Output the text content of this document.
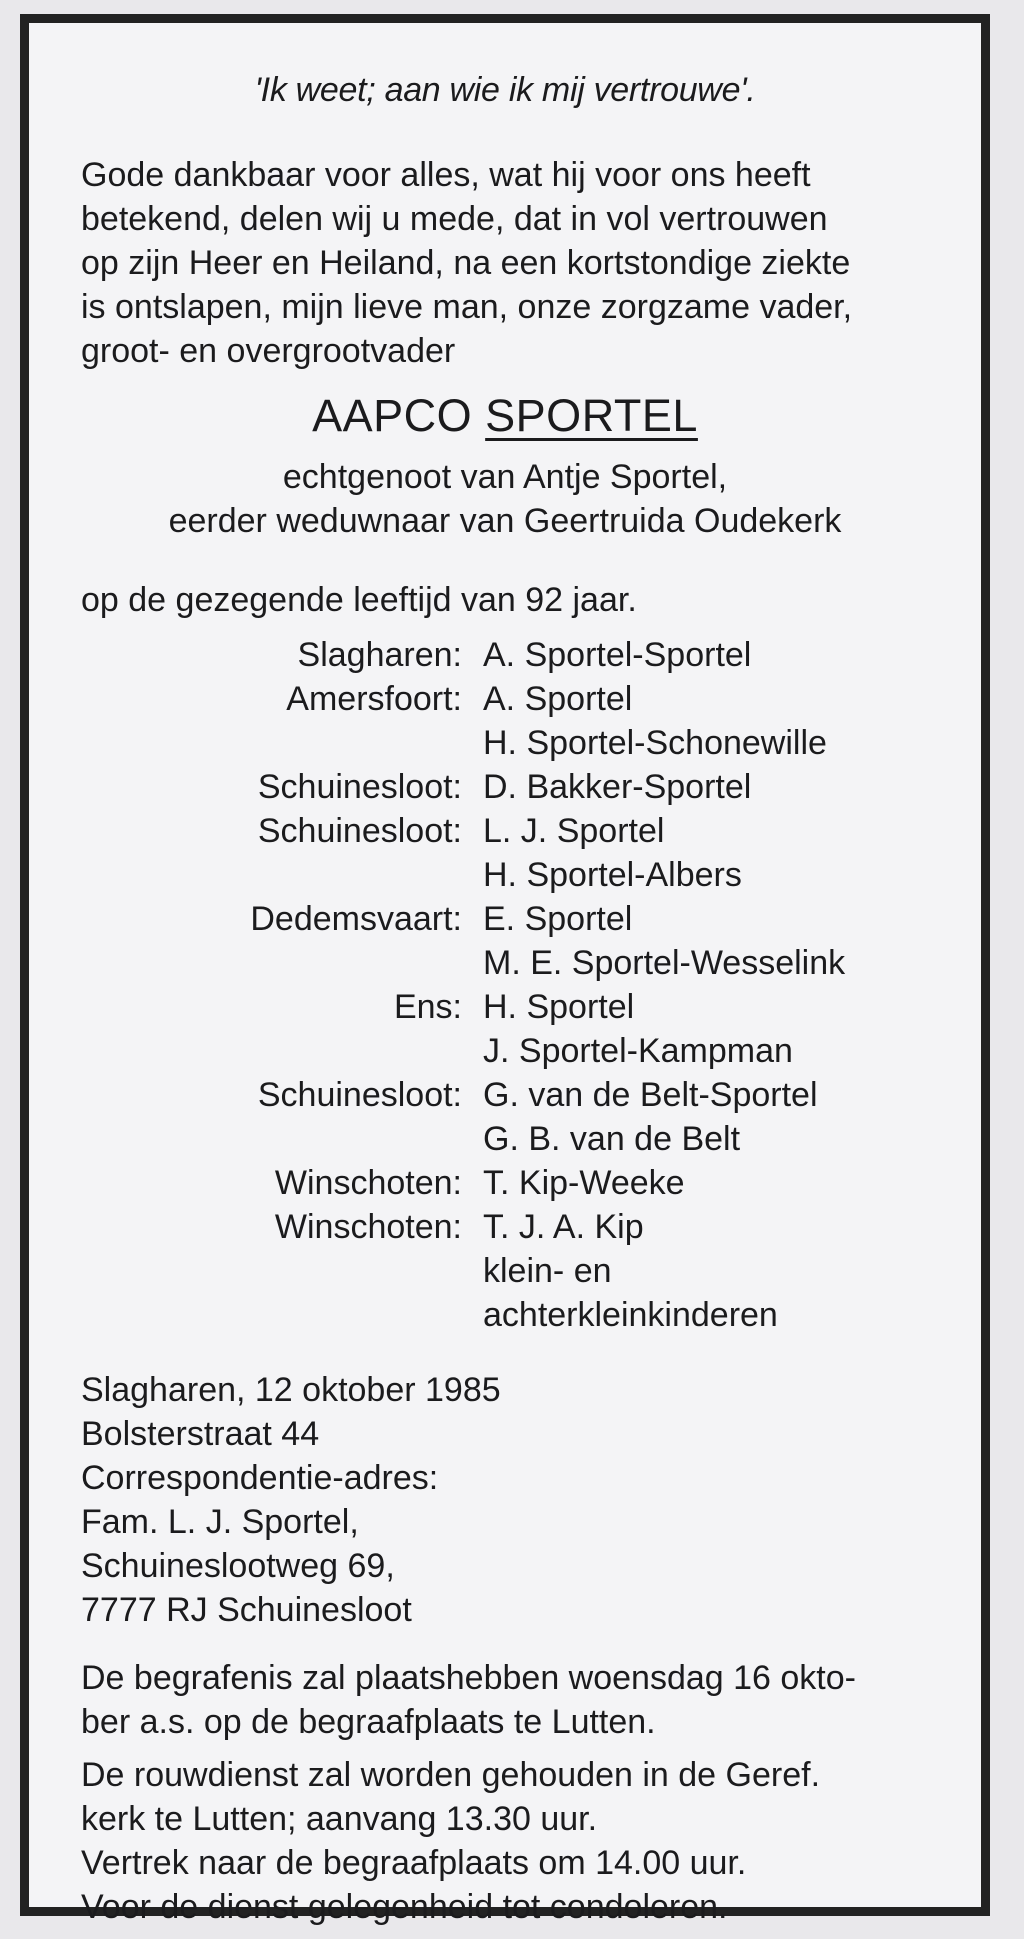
'Ik weet; aan wie ik mij vertrouwe'.
Gode dankbaar voor alles, wat hij voor ons heeft
betekend, delen wij u mede, dat in vol vertrouwen
op zijn Heer en Heiland, na een kortstondige ziekte
is ontslapen, mijn lieve man, onze zorgzame vader,
groot- en overgrootvader
AAPCO SPORTEL
echtgenoot van Antje Sportel,
eerder weduwnaar van Geertruida Oudekerk
op de gezegende leeftijd van 92 jaar.
Slagharen: A. Sportel-Sportel
Amersfoort: A. Sportel
H. Sportel-Schonewille
Schuinesloot: D. Bakker-Sportel
Schuinesloot: L. J. Sportel
H. Sportel-Albers
Dedemsvaart: E. Sportel
M. E. Sportel-Wesselink
Ens: H. Sportel
J. Sportel-Kampman
Schuinesloot: G. van de Belt-Sportel
G. B. van de Belt
Winschoten: T. Kip-Weeke
Winschoten: T. J. A. Kip
klein- en
achterkleinkinderen
Slagharen, 12 oktober 1985
Bolsterstraat 44
Correspondentie-adres:
Fam. L. J. Sportel,
Schuineslootweg 69,
7777 RJ Schuinesloot
De begrafenis zal plaatshebben woensdag 16 okto-
ber a.s. op de begraafplaats te Lutten.
De rouwdienst zal worden gehouden in de Geref.
kerk te Lutten; aanvang 13.30 uur.
Vertrek naar de begraafplaats om 14.00 uur.
Voor de dienst gelegenheid tot condoleren.
